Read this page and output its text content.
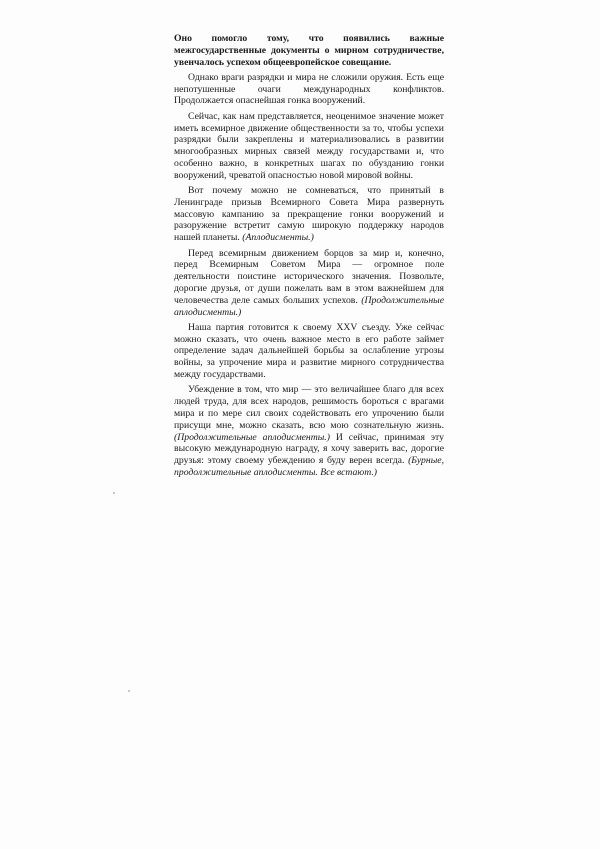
Оно помогло тому, что появились важные межгосударственные документы о мирном сотрудничестве, увенчалось успехом общеевропейское совещание.

Однако враги разрядки и мира не сложили оружия. Есть еще непотушенные очаги международных конфликтов. Продолжается опаснейшая гонка вооружений.

Сейчас, как нам представляется, неоценимое значение может иметь всемирное движение общественности за то, чтобы успехи разрядки были закреплены и материализовались в развитии многообразных мирных связей между государствами и, что особенно важно, в конкретных шагах по обузданию гонки вооружений, чреватой опасностью новой мировой войны.

Вот почему можно не сомневаться, что принятый в Ленинграде призыв Всемирного Совета Мира развернуть массовую кампанию за прекращение гонки вооружений и разоружение встретит самую широкую поддержку народов нашей планеты. (Аплодисменты.)

Перед всемирным движением борцов за мир и, конечно, перед Всемирным Советом Мира — огромное поле деятельности поистине исторического значения. Позвольте, дорогие друзья, от души пожелать вам в этом важнейшем для человечества деле самых больших успехов. (Продолжительные аплодисменты.)

Наша партия готовится к своему XXV съезду. Уже сейчас можно сказать, что очень важное место в его работе займет определение задач дальнейшей борьбы за ослабление угрозы войны, за упрочение мира и развитие мирного сотрудничества между государствами.

Убеждение в том, что мир — это величайшее благо для всех людей труда, для всех народов, решимость бороться с врагами мира и по мере сил своих содействовать его упрочению были присущи мне, можно сказать, всю мою сознательную жизнь. (Продолжительные аплодисменты.) И сейчас, принимая эту высокую международную награду, я хочу заверить вас, дорогие друзья: этому своему убеждению я буду верен всегда. (Бурные, продолжительные аплодисменты. Все встают.)
